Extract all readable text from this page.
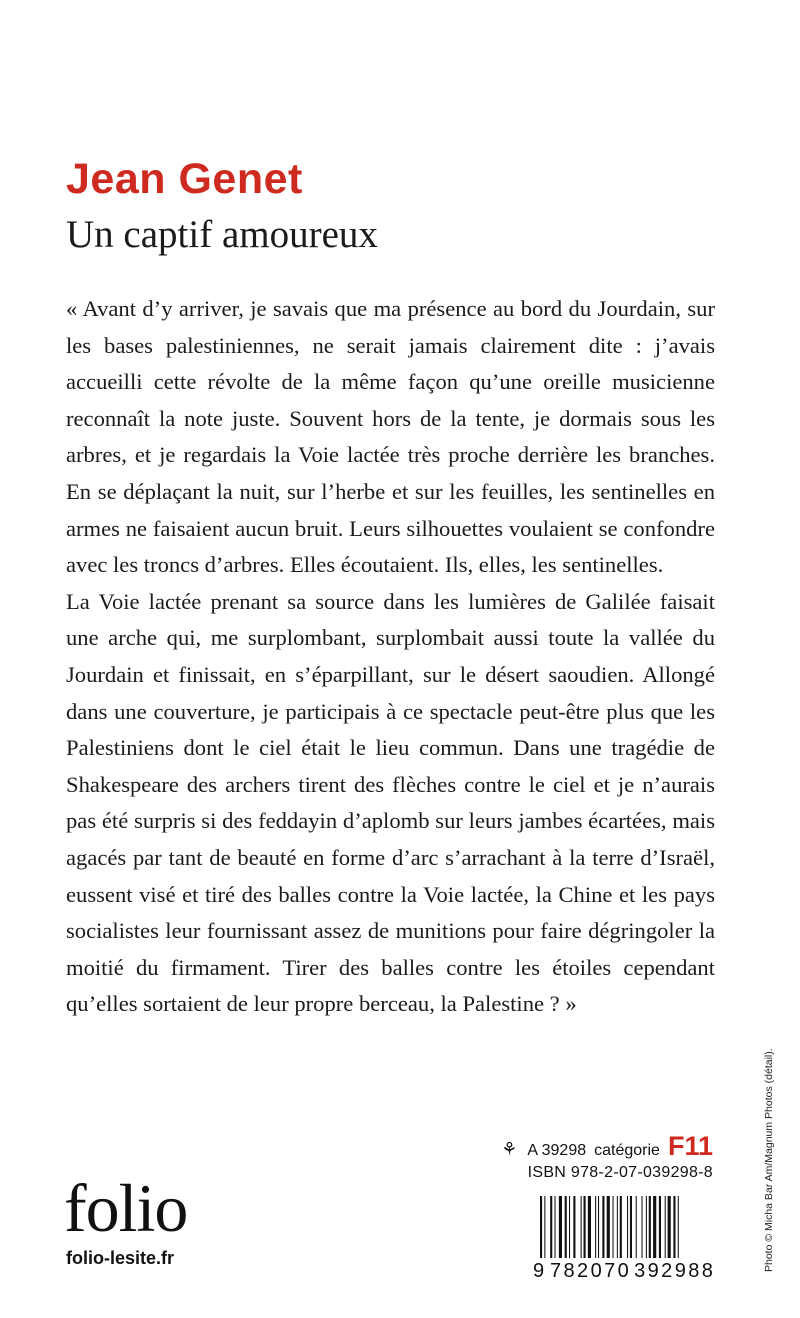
Jean Genet
Un captif amoureux

« Avant d’y arriver, je savais que ma présence au bord du Jourdain, sur les bases palestiniennes, ne serait jamais clairement dite : j’avais accueilli cette révolte de la même façon qu’une oreille musicienne reconnaît la note juste. Souvent hors de la tente, je dormais sous les arbres, et je regardais la Voie lactée très proche derrière les branches. En se déplaçant la nuit, sur l’herbe et sur les feuilles, les sentinelles en armes ne faisaient aucun bruit. Leurs silhouettes voulaient se confondre avec les troncs d’arbres. Elles écoutaient. Ils, elles, les sentinelles.

La Voie lactée prenant sa source dans les lumières de Galilée faisait une arche qui, me surplombant, surplombait aussi toute la vallée du Jourdain et finissait, en s’éparpillant, sur le désert saoudien. Allongé dans une couverture, je participais à ce spectacle peut-être plus que les Palestiniens dont le ciel était le lieu commun. Dans une tragédie de Shakespeare des archers tirent des flèches contre le ciel et je n’aurais pas été surpris si des feddayin d’aplomb sur leurs jambes écartées, mais agacés par tant de beauté en forme d’arc s’arrachant à la terre d’Israël, eussent visé et tiré des balles contre la Voie lactée, la Chine et les pays socialistes leur fournissant assez de munitions pour faire dégringoler la moitié du firmament. Tirer des balles contre les étoiles cependant qu’elles sortaient de leur propre berceau, la Palestine ? »

⚘ A 39298 catégorie F11
ISBN 978-2-07-039298-8
folio
folio-lesite.fr
9 782070 392988	Photo © Micha Bar Am/Magnum Photos (détail).
